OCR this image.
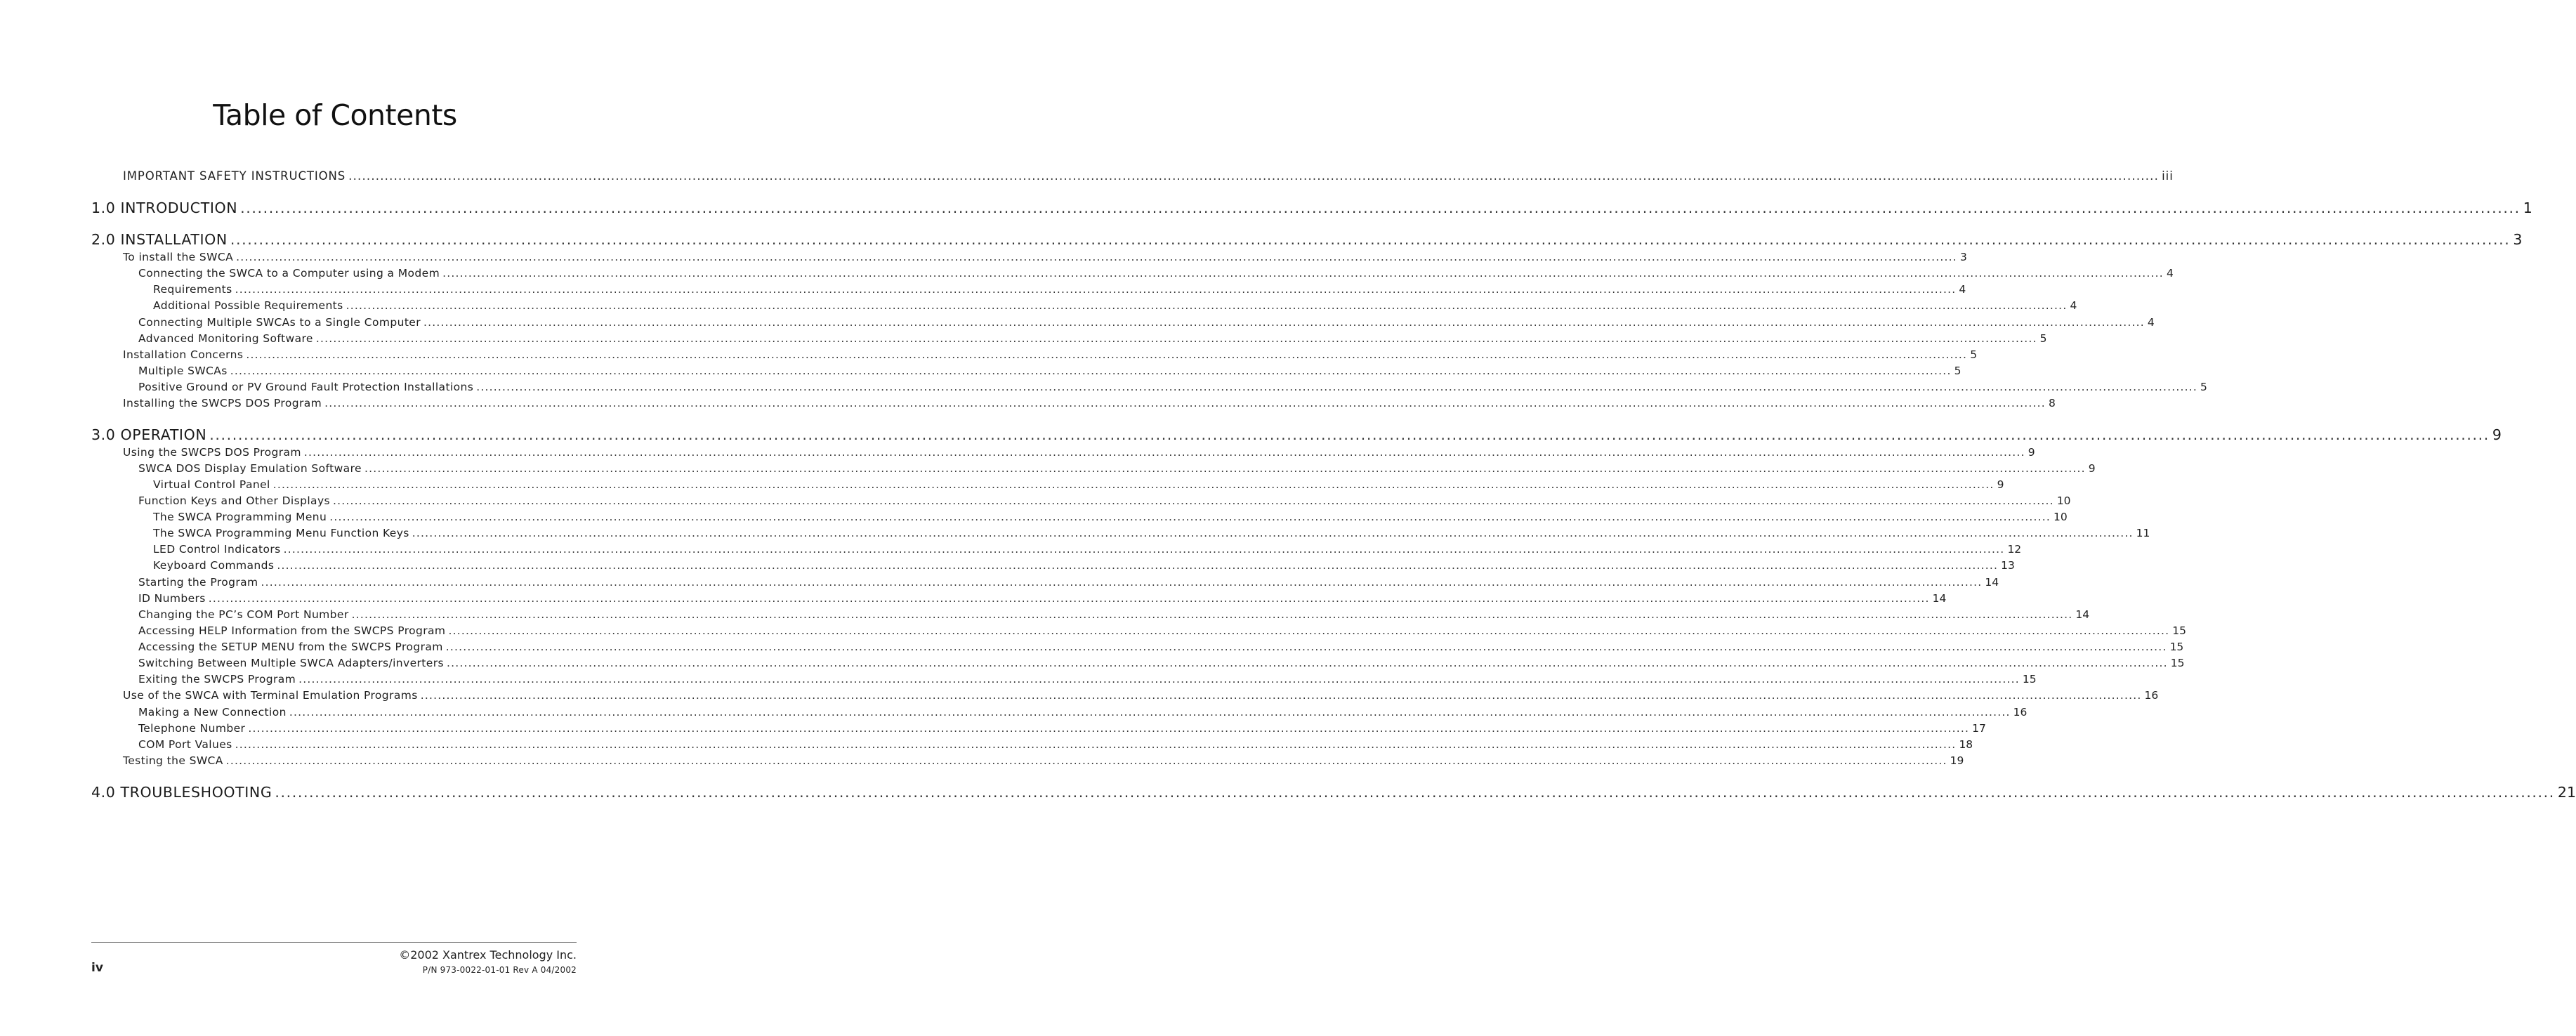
Table of Contents
IMPORTANT SAFETY INSTRUCTIONS ................................................................................................................................................................................................................................................................................................................................................................................................................ iii
1.0 INTRODUCTION ................................................................................................................................................................................................................................................................................................................................................................................................................ 1
2.0 INSTALLATION ................................................................................................................................................................................................................................................................................................................................................................................................................ 3
To install the SWCA ................................................................................................................................................................................................................................................................................................................................................................................................................ 3
Connecting the SWCA to a Computer using a Modem ................................................................................................................................................................................................................................................................................................................................................................................................................ 4
Requirements ................................................................................................................................................................................................................................................................................................................................................................................................................ 4
Additional Possible Requirements ................................................................................................................................................................................................................................................................................................................................................................................................................ 4
Connecting Multiple SWCAs to a Single Computer ................................................................................................................................................................................................................................................................................................................................................................................................................ 4
Advanced Monitoring Software ................................................................................................................................................................................................................................................................................................................................................................................................................ 5
Installation Concerns ................................................................................................................................................................................................................................................................................................................................................................................................................ 5
Multiple SWCAs ................................................................................................................................................................................................................................................................................................................................................................................................................ 5
Positive Ground or PV Ground Fault Protection Installations ................................................................................................................................................................................................................................................................................................................................................................................................................ 5
Installing the SWCPS DOS Program ................................................................................................................................................................................................................................................................................................................................................................................................................ 8
3.0 OPERATION ................................................................................................................................................................................................................................................................................................................................................................................................................ 9
Using the SWCPS DOS Program ................................................................................................................................................................................................................................................................................................................................................................................................................ 9
SWCA DOS Display Emulation Software ................................................................................................................................................................................................................................................................................................................................................................................................................ 9
Virtual Control Panel ................................................................................................................................................................................................................................................................................................................................................................................................................ 9
Function Keys and Other Displays ................................................................................................................................................................................................................................................................................................................................................................................................................ 10
The SWCA Programming Menu ................................................................................................................................................................................................................................................................................................................................................................................................................ 10
The SWCA Programming Menu Function Keys ................................................................................................................................................................................................................................................................................................................................................................................................................ 11
LED Control Indicators ................................................................................................................................................................................................................................................................................................................................................................................................................ 12
Keyboard Commands ................................................................................................................................................................................................................................................................................................................................................................................................................ 13
Starting the Program ................................................................................................................................................................................................................................................................................................................................................................................................................ 14
ID Numbers ................................................................................................................................................................................................................................................................................................................................................................................................................ 14
Changing the PC’s COM Port Number ................................................................................................................................................................................................................................................................................................................................................................................................................ 14
Accessing HELP Information from the SWCPS Program ................................................................................................................................................................................................................................................................................................................................................................................................................ 15
Accessing the SETUP MENU from the SWCPS Program ................................................................................................................................................................................................................................................................................................................................................................................................................ 15
Switching Between Multiple SWCA Adapters/inverters ................................................................................................................................................................................................................................................................................................................................................................................................................ 15
Exiting the SWCPS Program ................................................................................................................................................................................................................................................................................................................................................................................................................ 15
Use of the SWCA with Terminal Emulation Programs ................................................................................................................................................................................................................................................................................................................................................................................................................ 16
Making a New Connection ................................................................................................................................................................................................................................................................................................................................................................................................................ 16
Telephone Number ................................................................................................................................................................................................................................................................................................................................................................................................................ 17
COM Port Values ................................................................................................................................................................................................................................................................................................................................................................................................................ 18
Testing the SWCA ................................................................................................................................................................................................................................................................................................................................................................................................................ 19
4.0 TROUBLESHOOTING ................................................................................................................................................................................................................................................................................................................................................................................................................ 21
iv
©2002 Xantrex Technology Inc.
P/N 973-0022-01-01 Rev A 04/2002
